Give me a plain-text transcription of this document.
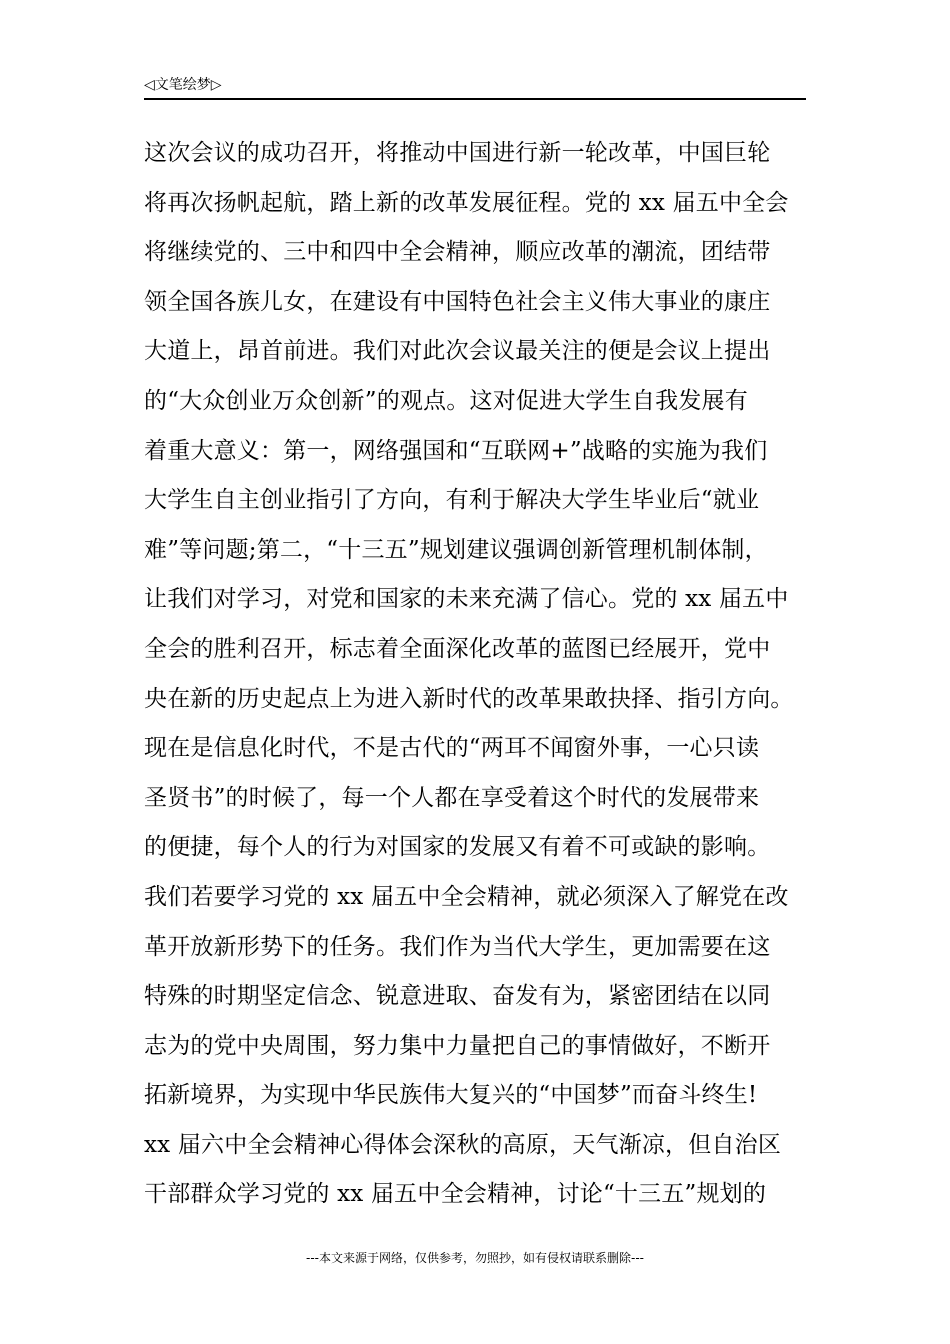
◁文笔绘梦▷
这次会议的成功召开，将推动中国进行新一轮改革，中国巨轮
将再次扬帆起航，踏上新的改革发展征程。党的 xx 届五中全会
将继续党的、三中和四中全会精神，顺应改革的潮流，团结带
领全国各族儿女，在建设有中国特色社会主义伟大事业的康庄
大道上，昂首前进。我们对此次会议最关注的便是会议上提出
的“大众创业万众创新”的观点。这对促进大学生自我发展有
着重大意义：第一，网络强国和“互联网+”战略的实施为我们
大学生自主创业指引了方向，有利于解决大学生毕业后“就业
难”等问题;第二，“十三五”规划建议强调创新管理机制体制，
让我们对学习，对党和国家的未来充满了信心。党的 xx 届五中
全会的胜利召开，标志着全面深化改革的蓝图已经展开，党中
央在新的历史起点上为进入新时代的改革果敢抉择、指引方向。
现在是信息化时代，不是古代的“两耳不闻窗外事，一心只读
圣贤书”的时候了，每一个人都在享受着这个时代的发展带来
的便捷，每个人的行为对国家的发展又有着不可或缺的影响。
我们若要学习党的 xx 届五中全会精神，就必须深入了解党在改
革开放新形势下的任务。我们作为当代大学生，更加需要在这
特殊的时期坚定信念、锐意进取、奋发有为，紧密团结在以同
志为的党中央周围，努力集中力量把自己的事情做好，不断开
拓新境界，为实现中华民族伟大复兴的“中国梦”而奋斗终生!
xx 届六中全会精神心得体会深秋的高原，天气渐凉，但自治区
干部群众学习党的 xx 届五中全会精神，讨论“十三五”规划的
---本文来源于网络，仅供参考，勿照抄，如有侵权请联系删除---
